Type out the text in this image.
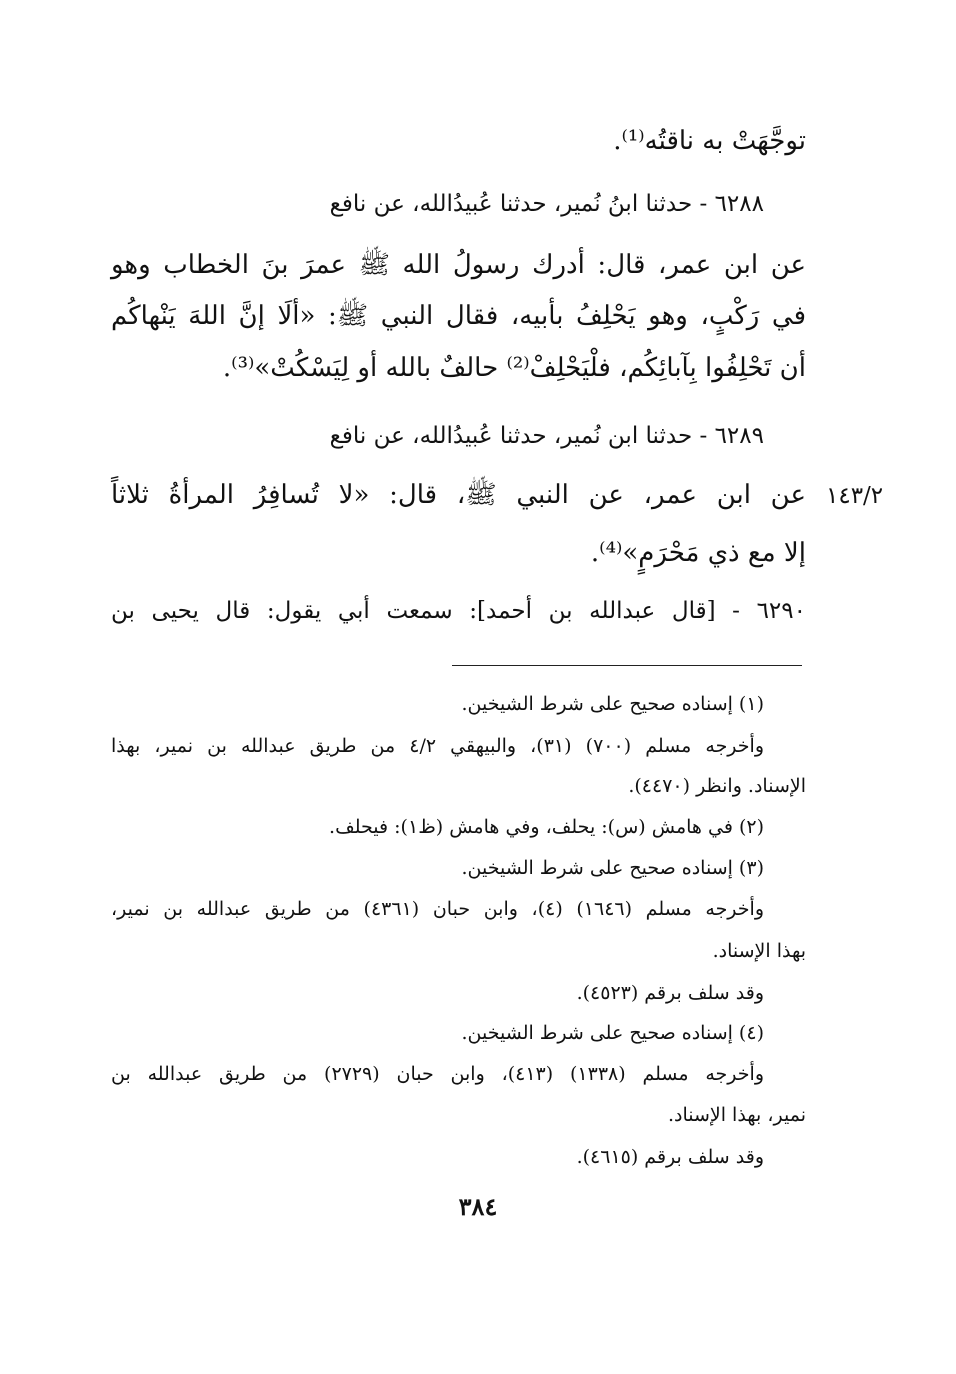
توجَّهَتْ به ناقتُه⁽¹⁾.

٦٢٨٨ - حدثنا ابنُ نُمير، حدثنا عُبيدُالله، عن نافع

عن ابن عمر، قال: أدرك رسولُ الله ﷺ عمرَ بنَ الخطاب وهو

في رَكْبٍ، وهو يَحْلِفُ بأبيه، فقال النبي ﷺ: «ألَا إنَّ اللهَ يَنْهاكُم

أن تَحْلِفُوا بِآبائِكُم، فلْيَحْلِفْ⁽²⁾ حالفٌ بالله أو لِيَسْكُتْ»⁽³⁾.

٦٢٨٩ - حدثنا ابن نُمير، حدثنا عُبيدُالله، عن نافع

١٤٣/٢

عن ابن عمر، عن النبي ﷺ، قال: «لا تُسافِرُ المرأةُ ثلاثاً

إلا مع ذي مَحْرَمٍ»⁽⁴⁾.

٦٢٩٠ - [قال عبدالله بن أحمد]: سمعت أبي يقول: قال يحيى بن

(١) إسناده صحيح على شرط الشيخين.

وأخرجه مسلم (٧٠٠) (٣١)، والبيهقي ٤/٢ من طريق عبدالله بن نمير، بهذا

الإسناد. وانظر (٤٤٧٠).

(٢) في هامش (س): يحلف، وفي هامش (ظ١): فيحلف.

(٣) إسناده صحيح على شرط الشيخين.

وأخرجه مسلم (١٦٤٦) (٤)، وابن حبان (٤٣٦١) من طريق عبدالله بن نمير،

بهذا الإسناد.

وقد سلف برقم (٤٥٢٣).

(٤) إسناده صحيح على شرط الشيخين.

وأخرجه مسلم (١٣٣٨) (٤١٣)، وابن حبان (٢٧٢٩) من طريق عبدالله بن

نمير، بهذا الإسناد.

وقد سلف برقم (٤٦١٥).

٣٨٤
